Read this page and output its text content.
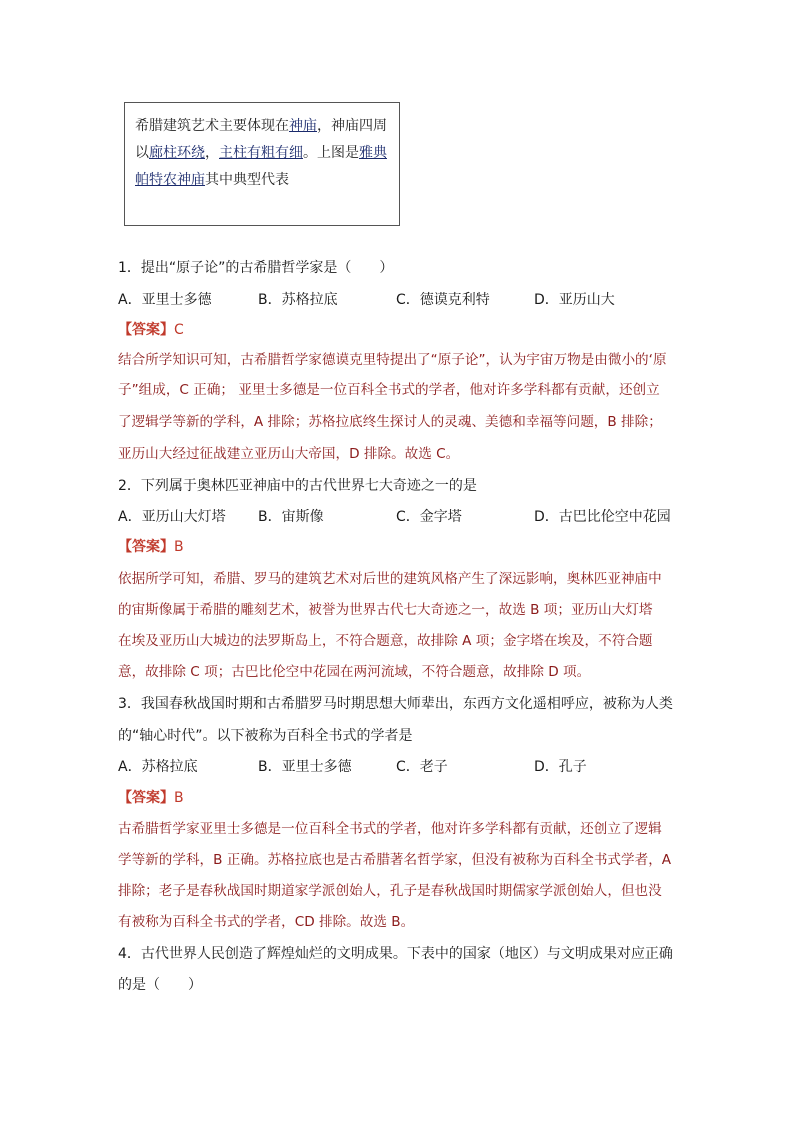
希腊建筑艺术主要体现在神庙，神庙四周
以廊柱环绕，主柱有粗有细。上图是雅典
帕特农神庙其中典型代表
1．提出“原子论”的古希腊哲学家是（　　）
A．亚里士多德	B．苏格拉底	C．德谟克利特	D．亚历山大
【答案】C
结合所学知识可知，古希腊哲学家德谟克里特提出了“原子论”，认为宇宙万物是由微小的‘原
子”组成，C 正确； 亚里士多德是一位百科全书式的学者，他对许多学科都有贡献，还创立
了逻辑学等新的学科，A 排除；苏格拉底终生探讨人的灵魂、美德和幸福等问题，B 排除；
亚历山大经过征战建立亚历山大帝国，D 排除。故选 C。
2．下列属于奥林匹亚神庙中的古代世界七大奇迹之一的是
A．亚历山大灯塔 B．宙斯像	C．金字塔	D．古巴比伦空中花园
【答案】B
依据所学可知，希腊、罗马的建筑艺术对后世的建筑风格产生了深远影响，奥林匹亚神庙中
的宙斯像属于希腊的雕刻艺术，被誉为世界古代七大奇迹之一，故选 B 项；亚历山大灯塔
在埃及亚历山大城边的法罗斯岛上，不符合题意，故排除 A 项；金字塔在埃及，不符合题
意，故排除 C 项；古巴比伦空中花园在两河流域，不符合题意，故排除 D 项。
3．我国春秋战国时期和古希腊罗马时期思想大师辈出，东西方文化遥相呼应，被称为人类
的“轴心时代”。以下被称为百科全书式的学者是
A．苏格拉底	B．亚里士多德	C．老子	D．孔子
【答案】B
古希腊哲学家亚里士多德是一位百科全书式的学者，他对许多学科都有贡献，还创立了逻辑
学等新的学科，B 正确。苏格拉底也是古希腊著名哲学家，但没有被称为百科全书式学者，A
排除；老子是春秋战国时期道家学派创始人，孔子是春秋战国时期儒家学派创始人，但也没
有被称为百科全书式的学者，CD 排除。故选 B。
4．古代世界人民创造了辉煌灿烂的文明成果。下表中的国家（地区）与文明成果对应正确
的是（　　）
